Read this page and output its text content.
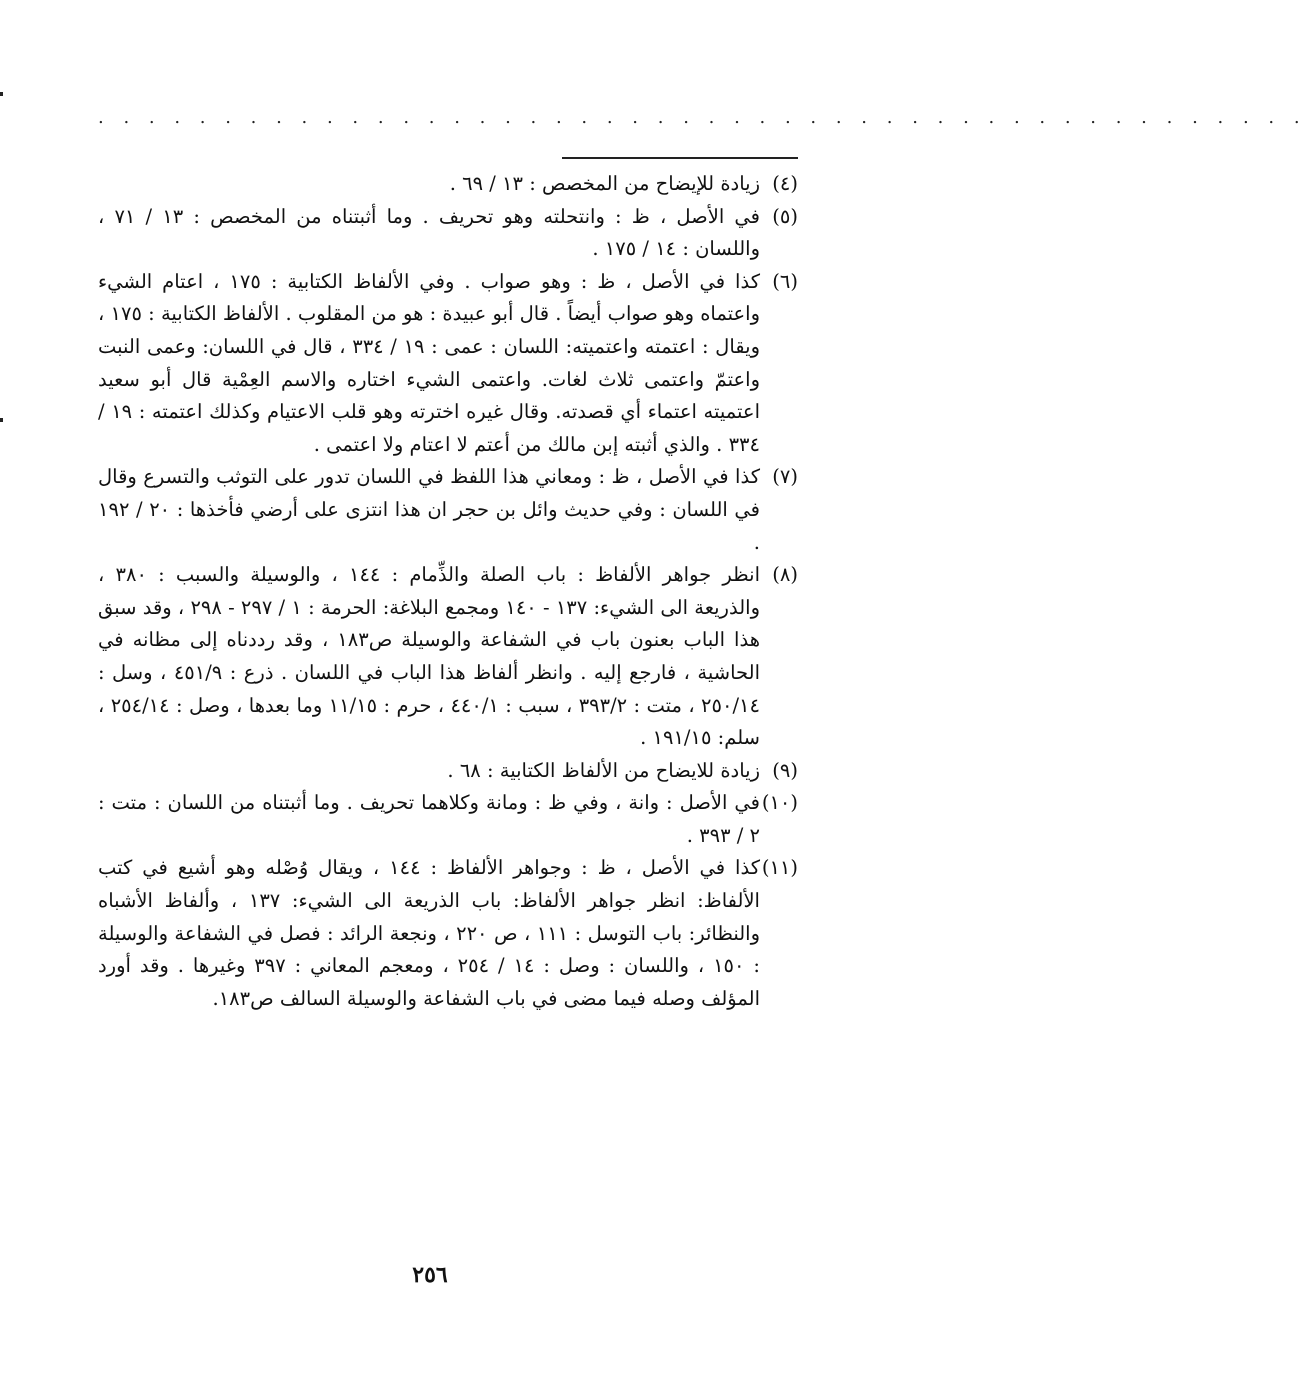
. . . . . . . . . . . . . . . . . . . . . . . . . . . . . . . . . . . . . . . . . . . . . . . .
(٤)

زيادة للإيضاح من المخصص : ١٣ / ٦٩ .

(٥)

في الأصل ، ظ : وانتحلته وهو تحريف . وما أثبتناه من المخصص : ١٣ / ٧١ ، واللسان : ١٤ / ١٧٥ .

(٦)

كذا في الأصل ، ظ : وهو صواب . وفي الألفاظ الكتابية : ١٧٥ ، اعتام الشيء واعتماه وهو صواب أيضاً . قال أبو عبيدة : هو من المقلوب . الألفاظ الكتابية : ١٧٥ ، ويقال : اعتمته واعتميته: اللسان : عمى : ١٩ / ٣٣٤ ، قال في اللسان: وعمى النبت واعتمّ واعتمى ثلاث لغات. واعتمى الشيء اختاره والاسم العِمْية قال أبو سعيد اعتميته اعتماء أي قصدته. وقال غيره اخترته وهو قلب الاعتيام وكذلك اعتمته : ١٩ / ٣٣٤ . والذي أثبته إبن مالك من أعتم لا اعتام ولا اعتمى .

(٧)

كذا في الأصل ، ظ : ومعاني هذا اللفظ في اللسان تدور على التوثب والتسرع وقال في اللسان : وفي حديث وائل بن حجر ان هذا انتزى على أرضي فأخذها : ٢٠ / ١٩٢ .

(٨)

انظر جواهر الألفاظ : باب الصلة والذِّمام : ١٤٤ ، والوسيلة والسبب : ٣٨٠ ، والذريعة الى الشيء: ١٣٧ - ١٤٠ ومجمع البلاغة: الحرمة : ١ / ٢٩٧ - ٢٩٨ ، وقد سبق هذا الباب بعنون باب في الشفاعة والوسيلة ص١٨٣ ، وقد رددناه إلى مظانه في الحاشية ، فارجع إليه . وانظر ألفاظ هذا الباب في اللسان . ذرع : ٤٥١/٩ ، وسل : ٢٥٠/١٤ ، متت : ٣٩٣/٢ ، سبب : ٤٤٠/١ ، حرم : ١١/١٥ وما بعدها ، وصل : ٢٥٤/١٤ ، سلم: ١٩١/١٥ .

(٩)

زيادة للايضاح من الألفاظ الكتابية : ٦٨ .

(١٠)

في الأصل : وانة ، وفي ظ : ومانة وكلاهما تحريف . وما أثبتناه من اللسان : متت : ٢ / ٣٩٣ .

(١١)

كذا في الأصل ، ظ : وجواهر الألفاظ : ١٤٤ ، ويقال وُصْله وهو أشيع في كتب الألفاظ: انظر جواهر الألفاظ: باب الذريعة الى الشيء: ١٣٧ ، وألفاظ الأشباه والنظائر: باب التوسل : ١١١ ، ص ٢٢٠ ، ونجعة الرائد : فصل في الشفاعة والوسيلة : ١٥٠ ، واللسان : وصل : ١٤ / ٢٥٤ ، ومعجم المعاني : ٣٩٧ وغيرها . وقد أورد المؤلف وصله فيما مضى في باب الشفاعة والوسيلة السالف ص١٨٣.

٢٥٦
